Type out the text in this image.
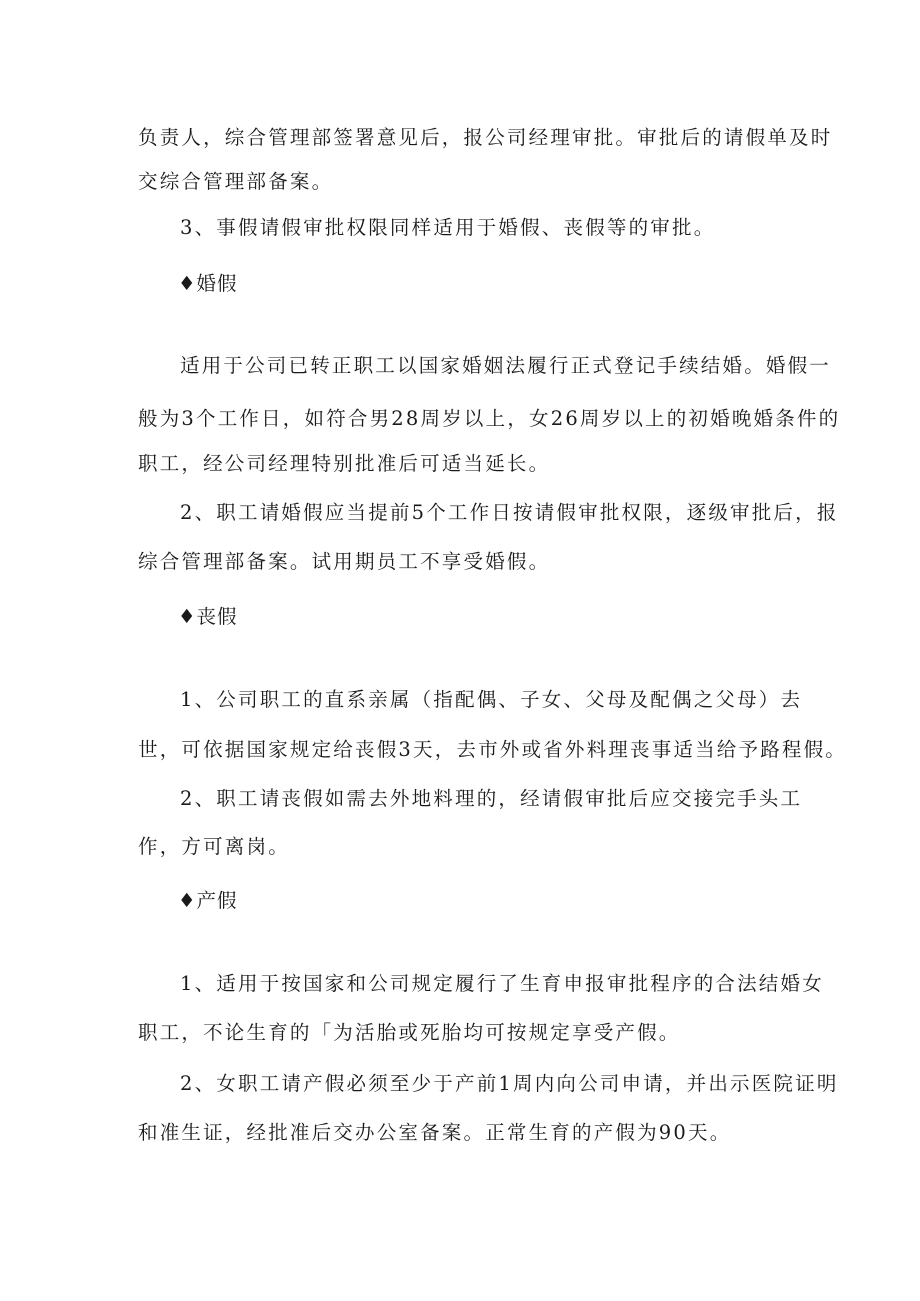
负责人，综合管理部签署意见后，报公司经理审批。审批后的请假单及时
交综合管理部备案。
3、事假请假审批权限同样适用于婚假、丧假等的审批。
♦婚假
适用于公司已转正职工以国家婚姻法履行正式登记手续结婚。婚假一
般为3个工作日，如符合男28周岁以上，女26周岁以上的初婚晚婚条件的
职工，经公司经理特别批准后可适当延长。
2、职工请婚假应当提前5个工作日按请假审批权限，逐级审批后，报
综合管理部备案。试用期员工不享受婚假。
♦丧假
1、公司职工的直系亲属（指配偶、子女、父母及配偶之父母）去
世，可依据国家规定给丧假3天，去市外或省外料理丧事适当给予路程假。
2、职工请丧假如需去外地料理的，经请假审批后应交接完手头工
作，方可离岗。
♦产假
1、适用于按国家和公司规定履行了生育申报审批程序的合法结婚女
职工，不论生育的「为活胎或死胎均可按规定享受产假。
2、女职工请产假必须至少于产前1周内向公司申请，并出示医院证明
和准生证，经批准后交办公室备案。正常生育的产假为90天。
